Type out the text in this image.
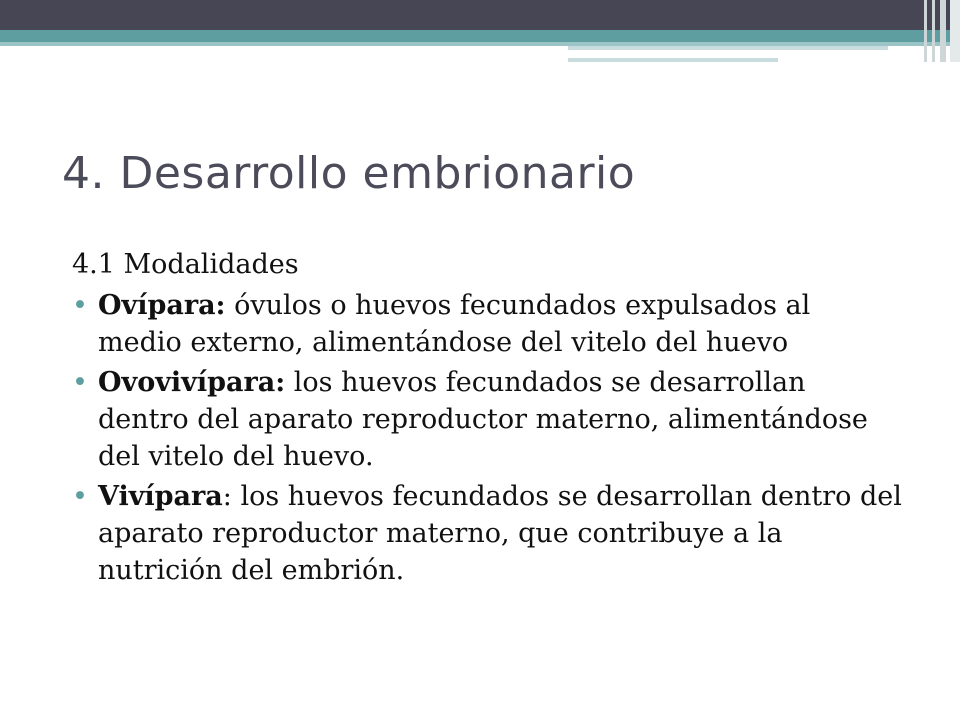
4. Desarrollo embrionario

4.1 Modalidades

• Ovípara: óvulos o huevos fecundados expulsados al medio externo, alimentándose del vitelo del huevo
• Ovovivípara: los huevos fecundados se desarrollan dentro del aparato reproductor materno, alimentándose del vitelo del huevo.
• Vivípara: los huevos fecundados se desarrollan dentro del aparato reproductor materno, que contribuye a la nutrición del embrión.
